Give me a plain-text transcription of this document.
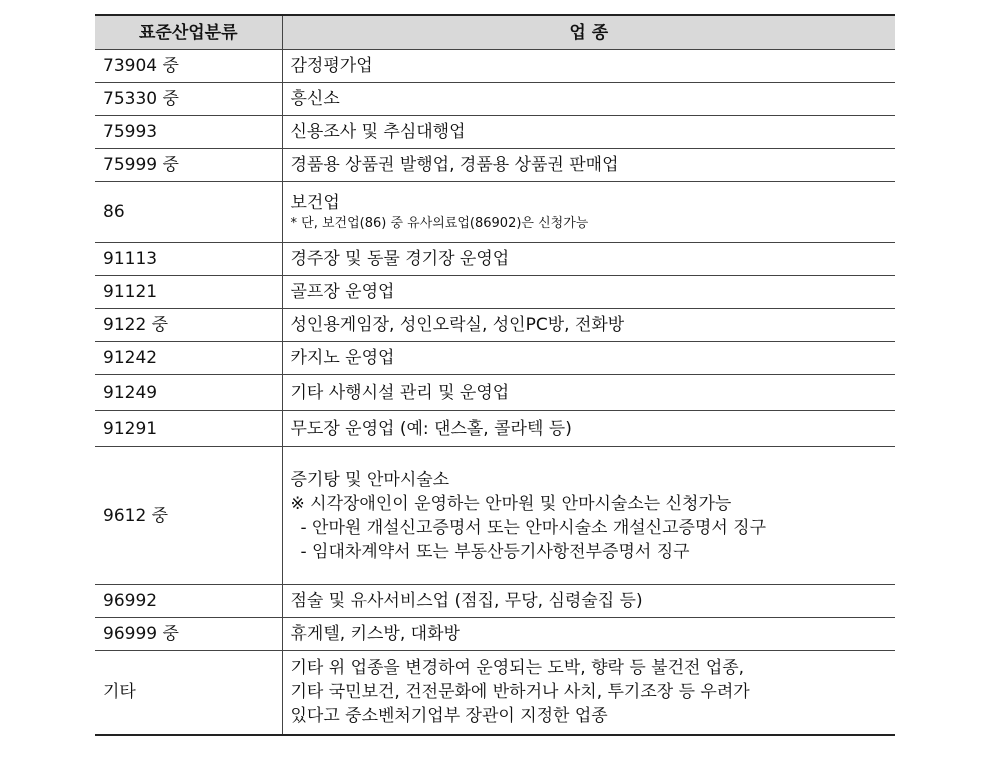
표준산업분류	업 종
73904 중	감정평가업

75330 중	흥신소

75993	신용조사 및 추심대행업

75999 중	경품용 상품권 발행업, 경품용 상품권 판매업

86	보건업
* 단, 보건업(86) 중 유사의료업(86902)은 신청가능

91113	경주장 및 동물 경기장 운영업

91121	골프장 운영업

9122 중	성인용게임장, 성인오락실, 성인PC방, 전화방

91242	카지노 운영업

91249	기타 사행시설 관리 및 운영업

91291	무도장 운영업 (예: 댄스홀, 콜라텍 등)

9612 중	증기탕 및 안마시술소
※ 시각장애인이 운영하는 안마원 및 안마시술소는 신청가능
- 안마원 개설신고증명서 또는 안마시술소 개설신고증명서 징구
- 임대차계약서 또는 부동산등기사항전부증명서 징구

96992	점술 및 유사서비스업 (점집, 무당, 심령술집 등)

96999 중	휴게텔, 키스방, 대화방

기타	기타 위 업종을 변경하여 운영되는 도박, 향락 등 불건전 업종,
기타 국민보건, 건전문화에 반하거나 사치, 투기조장 등 우려가
있다고 중소벤처기업부 장관이 지정한 업종
